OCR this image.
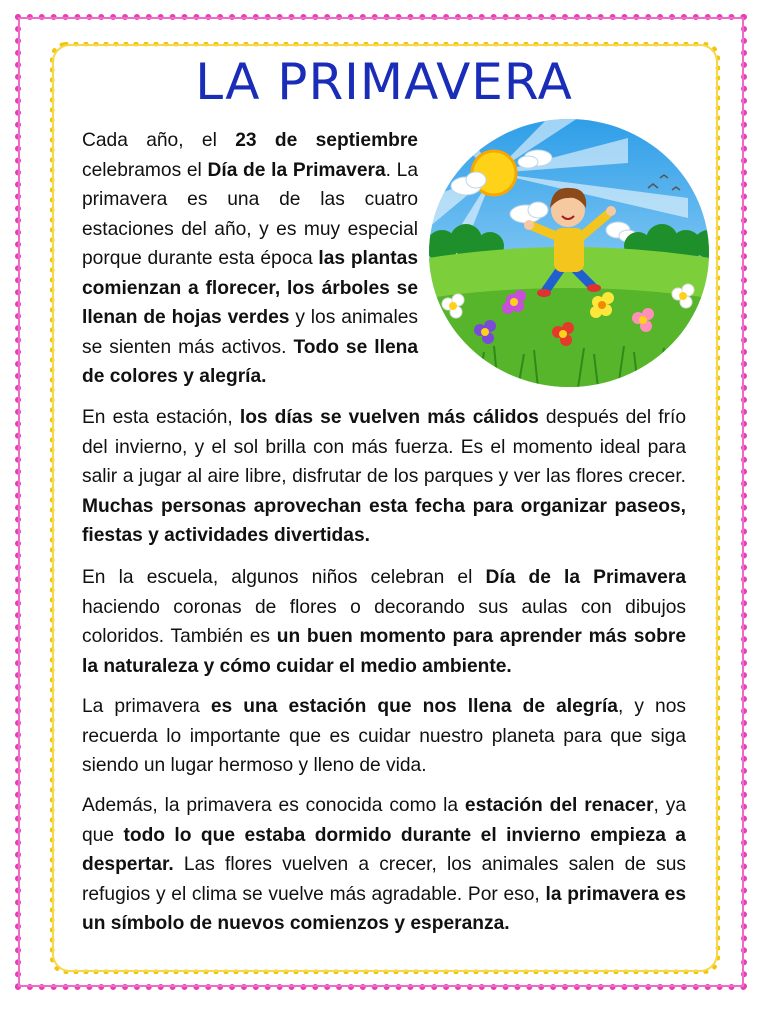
LA PRIMAVERA

Cada año, el 23 de septiembre celebramos el Día de la Primavera. La primavera es una de las cuatro estaciones del año, y es muy especial porque durante esta época las plantas comienzan a florecer, los árboles se llenan de hojas verdes y los animales se sienten más activos. Todo se llena de colores y alegría.

En esta estación, los días se vuelven más cálidos después del frío del invierno, y el sol brilla con más fuerza. Es el momento ideal para salir a jugar al aire libre, disfrutar de los parques y ver las flores crecer. Muchas personas aprovechan esta fecha para organizar paseos, fiestas y actividades divertidas.

En la escuela, algunos niños celebran el Día de la Primavera haciendo coronas de flores o decorando sus aulas con dibujos coloridos. También es un buen momento para aprender más sobre la naturaleza y cómo cuidar el medio ambiente.

La primavera es una estación que nos llena de alegría, y nos recuerda lo importante que es cuidar nuestro planeta para que siga siendo un lugar hermoso y lleno de vida.

Además, la primavera es conocida como la estación del renacer, ya que todo lo que estaba dormido durante el invierno empieza a despertar. Las flores vuelven a crecer, los animales salen de sus refugios y el clima se vuelve más agradable. Por eso, la primavera es un símbolo de nuevos comienzos y esperanza.
